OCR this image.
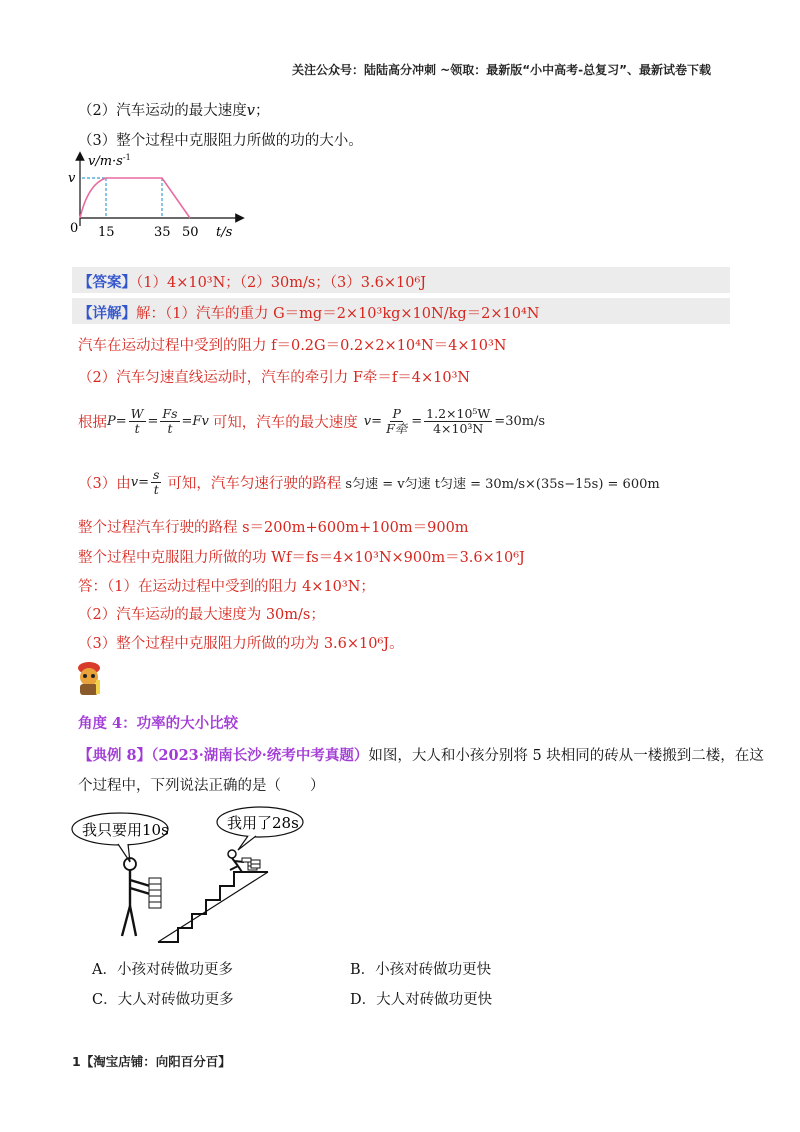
关注公众号：陆陆高分冲刺 ~领取：最新版“小中高考-总复习”、最新试卷下载
（2）汽车运动的最大速度v；
（3）整个过程中克服阻力所做的功的大小。
$v/m\cdot s^{-1}$
v
0 15	35 50 t/s
【答案】（1）4×10³N；（2）30m/s；（3）3.6×10⁶J
【详解】解：（1）汽车的重力 G＝mg＝2×10³kg×10N/kg＝2×10⁴N
汽车在运动过程中受到的阻力 f＝0.2G＝0.2×2×10⁴N＝4×10³N
（2）汽车匀速直线运动时，汽车的牵引力 F牵＝f＝4×10³N
根据 $P= \frac{W}{t} = \frac{Fs}{t} =Fv$ 可知，汽车的最大速度 $v= \frac{P}{\text{F牵}} = \frac{\text{1.2×10⁵W}}{\text{4×10³N}} =30m/s$
（3）由 $v= \frac{s}{t}$ 可知，汽车匀速行驶的路程 s匀速 = v匀速 t匀速 = 30m/s×(35s−15s) = 600m
整个过程汽车行驶的路程 s＝200m+600m+100m＝900m
整个过程中克服阻力所做的功 Wf＝fs＝4×10³N×900m＝3.6×10⁶J
答：（1）在运动过程中受到的阻力 4×10³N；
（2）汽车运动的最大速度为 30m/s；
（3）整个过程中克服阻力所做的功为 3.6×10⁶J。
角度 4：功率的大小比较
【典例 8】（2023·湖南长沙·统考中考真题）如图，大人和小孩分别将 5 块相同的砖从一楼搬到二楼，在这
个过程中，下列说法正确的是（　　）
我只要用10s	我用了28s
A．小孩对砖做功更多	B．小孩对砖做功更快
C．大人对砖做功更多	D．大人对砖做功更快
1【淘宝店铺：向阳百分百】
